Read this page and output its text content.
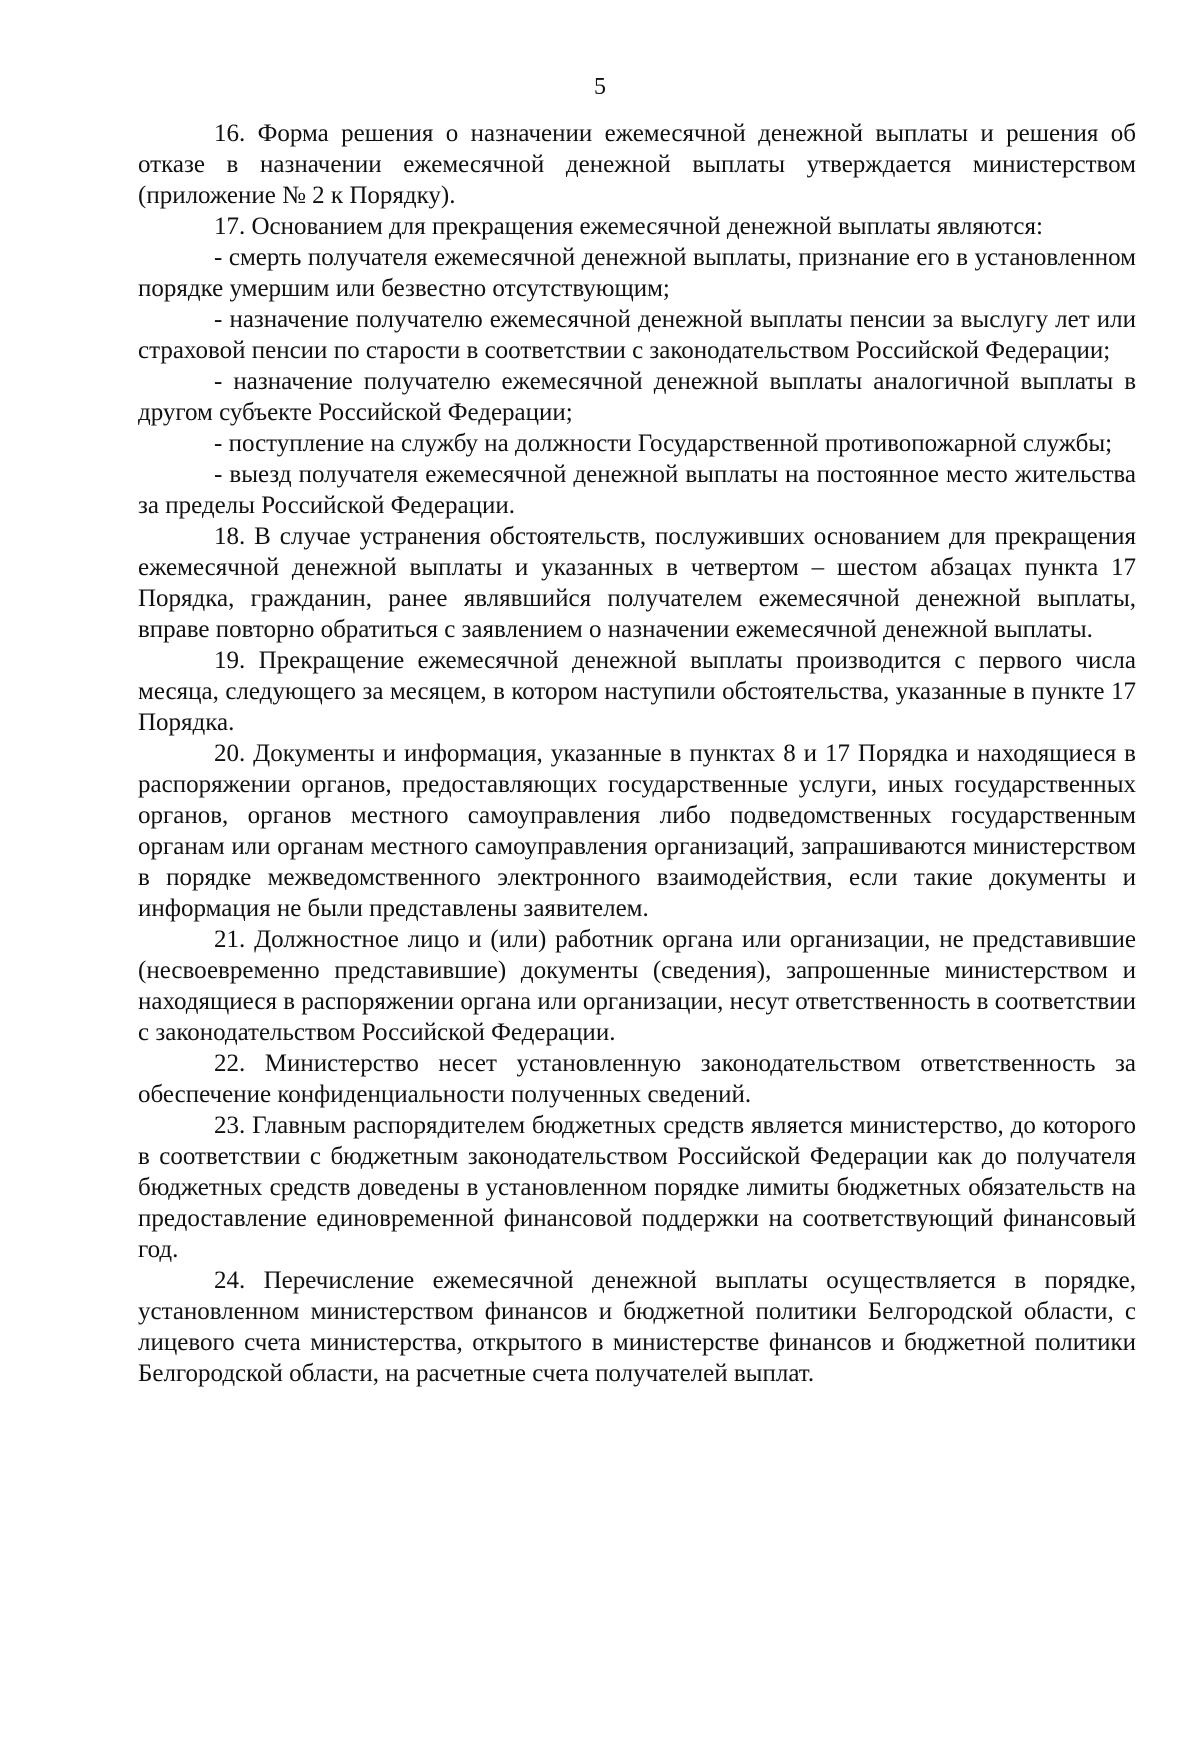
5

16. Форма решения о назначении ежемесячной денежной выплаты и решения об отказе в назначении ежемесячной денежной выплаты утверждается министерством (приложение № 2 к Порядку).

17. Основанием для прекращения ежемесячной денежной выплаты являются:

- смерть получателя ежемесячной денежной выплаты, признание его в установленном порядке умершим или безвестно отсутствующим;

- назначение получателю ежемесячной денежной выплаты пенсии за выслугу лет или страховой пенсии по старости в соответствии с законодательством Российской Федерации;

- назначение получателю ежемесячной денежной выплаты аналогичной выплаты в другом субъекте Российской Федерации;

- поступление на службу на должности Государственной противопожарной службы;

- выезд получателя ежемесячной денежной выплаты на постоянное место жительства за пределы Российской Федерации.

18. В случае устранения обстоятельств, послуживших основанием для прекращения ежемесячной денежной выплаты и указанных в четвертом – шестом абзацах пункта 17 Порядка, гражданин, ранее являвшийся получателем ежемесячной денежной выплаты, вправе повторно обратиться с заявлением о назначении ежемесячной денежной выплаты.

19. Прекращение ежемесячной денежной выплаты производится с первого числа месяца, следующего за месяцем, в котором наступили обстоятельства, указанные в пункте 17 Порядка.

20. Документы и информация, указанные в пунктах 8 и 17 Порядка и находящиеся в распоряжении органов, предоставляющих государственные услуги, иных государственных органов, органов местного самоуправления либо подведомственных государственным органам или органам местного самоуправления организаций, запрашиваются министерством в порядке межведомственного электронного взаимодействия, если такие документы и информация не были представлены заявителем.

21. Должностное лицо и (или) работник органа или организации, не представившие (несвоевременно представившие) документы (сведения), запрошенные министерством и находящиеся в распоряжении органа или организации, несут ответственность в соответствии с законодательством Российской Федерации.

22. Министерство несет установленную законодательством ответственность за обеспечение конфиденциальности полученных сведений.

23. Главным распорядителем бюджетных средств является министерство, до которого в соответствии с бюджетным законодательством Российской Федерации как до получателя бюджетных средств доведены в установленном порядке лимиты бюджетных обязательств на предоставление единовременной финансовой поддержки на соответствующий финансовый год.

24. Перечисление ежемесячной денежной выплаты осуществляется в порядке, установленном министерством финансов и бюджетной политики Белгородской области, с лицевого счета министерства, открытого в министерстве финансов и бюджетной политики Белгородской области, на расчетные счета получателей выплат.
